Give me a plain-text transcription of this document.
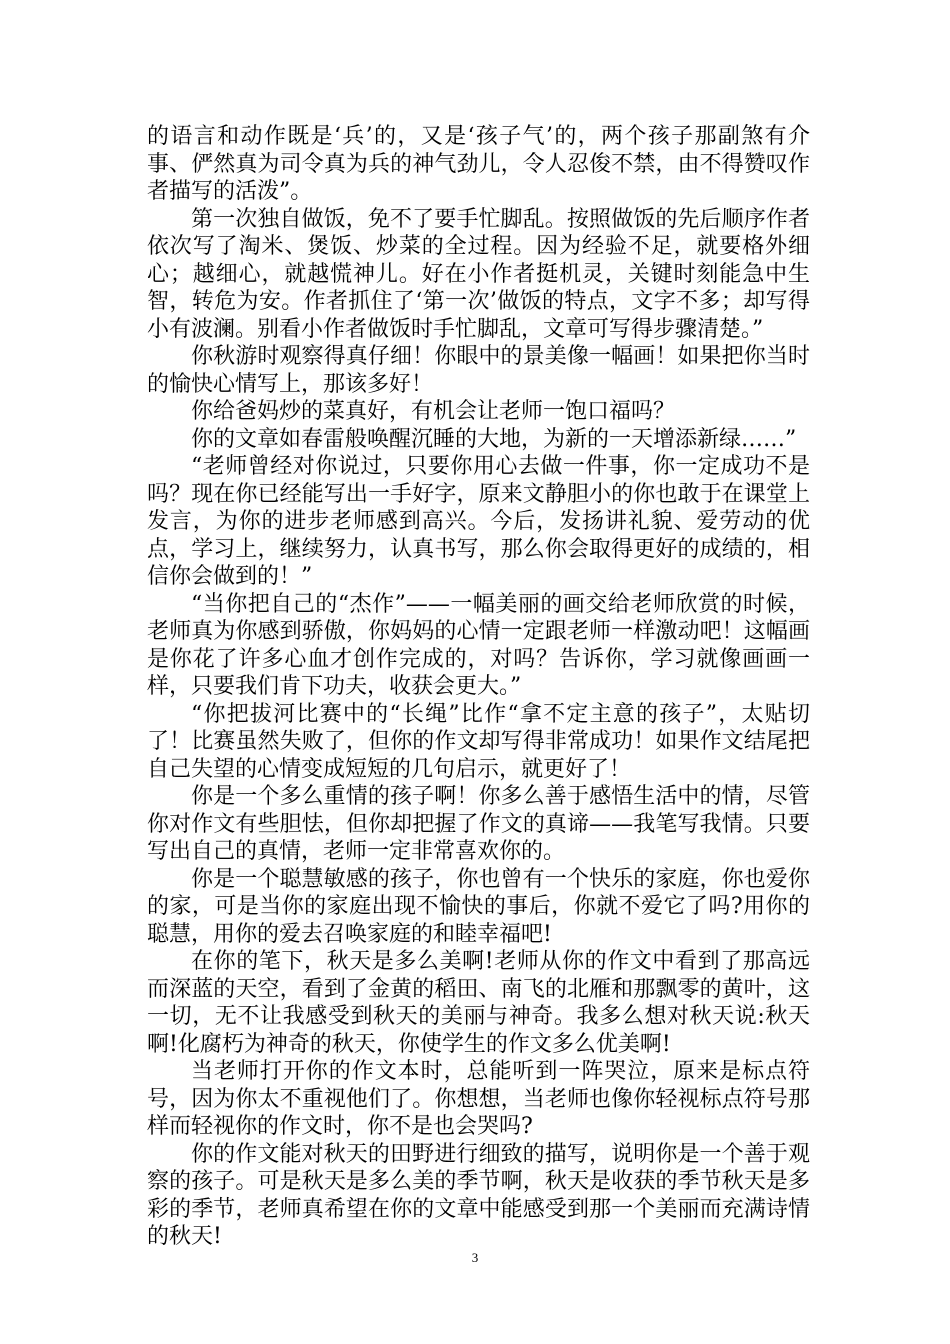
的语言和动作既是‘兵’的，又是‘孩子气’的，两个孩子那副煞有介事、俨然真为司令真为兵的神气劲儿，令人忍俊不禁，由不得赞叹作者描写的活泼”。

第一次独自做饭，免不了要手忙脚乱。按照做饭的先后顺序作者依次写了淘米、煲饭、炒菜的全过程。因为经验不足，就要格外细心；越细心，就越慌神儿。好在小作者挺机灵，关键时刻能急中生智，转危为安。作者抓住了‘第一次’做饭的特点，文字不多；却写得小有波澜。别看小作者做饭时手忙脚乱，文章可写得步骤清楚。”

你秋游时观察得真仔细！你眼中的景美像一幅画！如果把你当时的愉快心情写上，那该多好！

你给爸妈炒的菜真好，有机会让老师一饱口福吗？

你的文章如春雷般唤醒沉睡的大地，为新的一天增添新绿……”

“老师曾经对你说过，只要你用心去做一件事，你一定成功不是吗？现在你已经能写出一手好字，原来文静胆小的你也敢于在课堂上发言，为你的进步老师感到高兴。今后，发扬讲礼貌、爱劳动的优点，学习上，继续努力，认真书写，那么你会取得更好的成绩的，相信你会做到的！”

“当你把自己的“杰作”——一幅美丽的画交给老师欣赏的时候，老师真为你感到骄傲，你妈妈的心情一定跟老师一样激动吧！这幅画是你花了许多心血才创作完成的，对吗？告诉你，学习就像画画一样，只要我们肯下功夫，收获会更大。”

“你把拔河比赛中的“长绳”比作“拿不定主意的孩子”，太贴切了！比赛虽然失败了，但你的作文却写得非常成功！如果作文结尾把自己失望的心情变成短短的几句启示，就更好了！

你是一个多么重情的孩子啊！你多么善于感悟生活中的情，尽管你对作文有些胆怯，但你却把握了作文的真谛——我笔写我情。只要写出自己的真情，老师一定非常喜欢你的。

你是一个聪慧敏感的孩子，你也曾有一个快乐的家庭，你也爱你的家，可是当你的家庭出现不愉快的事后，你就不爱它了吗?用你的聪慧，用你的爱去召唤家庭的和睦幸福吧!

在你的笔下，秋天是多么美啊!老师从你的作文中看到了那高远而深蓝的天空，看到了金黄的稻田、南飞的北雁和那飘零的黄叶，这一切，无不让我感受到秋天的美丽与神奇。我多么想对秋天说:秋天啊!化腐朽为神奇的秋天，你使学生的作文多么优美啊!

当老师打开你的作文本时，总能听到一阵哭泣，原来是标点符号，因为你太不重视他们了。你想想，当老师也像你轻视标点符号那样而轻视你的作文时，你不是也会哭吗?

你的作文能对秋天的田野进行细致的描写，说明你是一个善于观察的孩子。可是秋天是多么美的季节啊，秋天是收获的季节秋天是多彩的季节，老师真希望在你的文章中能感受到那一个美丽而充满诗情的秋天!

3
